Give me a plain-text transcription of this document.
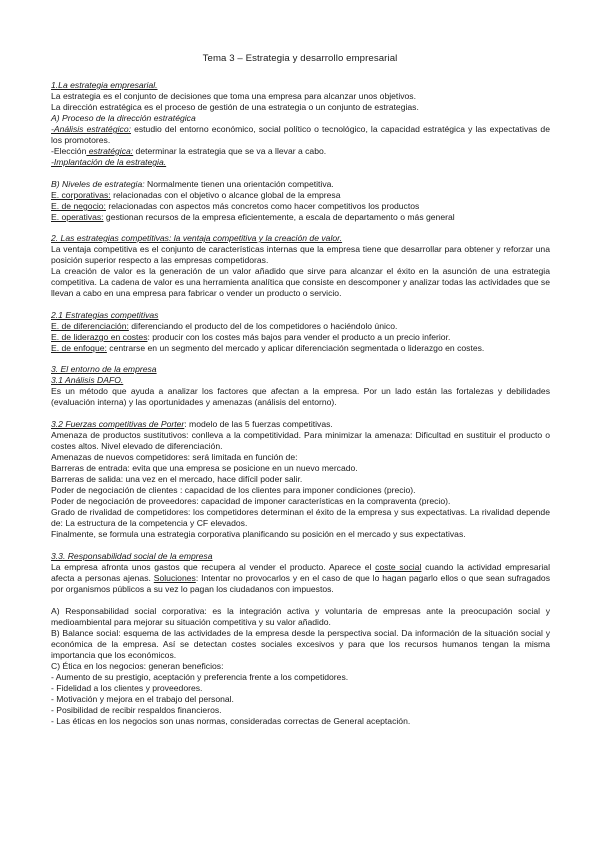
Tema 3 – Estrategia y desarrollo empresarial

1.La estrategia empresarial.

La estrategia es el conjunto de decisiones que toma una empresa para alcanzar unos objetivos.

La dirección estratégica es el proceso de gestión de una estrategia o un conjunto de estrategias.

A) Proceso de la dirección estratégica

-Análisis estratégico: estudio del entorno económico, social político o tecnológico, la capacidad estratégica y las expectativas de los promotores.

-Elección estratégica: determinar la estrategia que se va a llevar a cabo.

-Implantación de la estrategia.

B) Niveles de estrategia: Normalmente tienen una orientación competitiva.

E. corporativas: relacionadas con el objetivo o alcance global de la empresa

E. de negocio: relacionadas con aspectos más concretos como hacer competitivos los productos

E. operativas: gestionan recursos de la empresa eficientemente, a escala de departamento o más general

2. Las estrategias competitivas: la ventaja competitiva y la creación de valor.

La ventaja competitiva es el conjunto de características internas que la empresa tiene que desarrollar para obtener y reforzar una posición superior respecto a las empresas competidoras.

La creación de valor es la generación de un valor añadido que sirve para alcanzar el éxito en la asunción de una estrategia competitiva. La cadena de valor es una herramienta analítica que consiste en descomponer y analizar todas las actividades que se llevan a cabo en una empresa para fabricar o vender un producto o servicio.

2.1 Estrategias competitivas

E. de diferenciación: diferenciando el producto del de los competidores o haciéndolo único.

E. de liderazgo en costes: producir con los costes más bajos para vender el producto a un precio inferior.

E. de enfoque: centrarse en un segmento del mercado y aplicar diferenciación segmentada o liderazgo en costes.

3. El entorno de la empresa

3.1 Análisis DAFO.

Es un método que ayuda a analizar los factores que afectan a la empresa. Por un lado están las fortalezas y debilidades (evaluación interna) y las oportunidades y amenazas (análisis del entorno).

3.2 Fuerzas competitivas de Porter: modelo de las 5 fuerzas competitivas.

Amenaza de productos sustitutivos: conlleva a la competitividad. Para minimizar la amenaza: Dificultad en sustituir el producto o costes altos. Nivel elevado de diferenciación.

Amenazas de nuevos competidores: será limitada en función de:

Barreras de entrada: evita que una empresa se posicione en un nuevo mercado.

Barreras de salida: una vez en el mercado, hace difícil poder salir.

Poder de negociación de clientes : capacidad de los clientes para imponer condiciones (precio).

Poder de negociación de proveedores: capacidad de imponer características en la compraventa (precio).

Grado de rivalidad de competidores: los competidores determinan el éxito de la empresa y sus expectativas. La rivalidad depende de: La estructura de la competencia y CF elevados.

Finalmente, se formula una estrategia corporativa planificando su posición en el mercado y sus expectativas.

3.3. Responsabilidad social de la empresa

La empresa afronta unos gastos que recupera al vender el producto. Aparece el coste social cuando la actividad empresarial afecta a personas ajenas. Soluciones: Intentar no provocarlos y en el caso de que lo hagan pagarlo ellos o que sean sufragados por organismos públicos a su vez lo pagan los ciudadanos con impuestos.

A) Responsabilidad social corporativa: es la integración activa y voluntaria de empresas ante la preocupación social y medioambiental para mejorar su situación competitiva y su valor añadido.

B) Balance social: esquema de las actividades de la empresa desde la perspectiva social. Da información de la situación social y económica de la empresa. Así se detectan costes sociales excesivos y para que los recursos humanos tengan la misma importancia que los económicos.

C) Ética en los negocios: generan beneficios:

- Aumento de su prestigio, aceptación y preferencia frente a los competidores.

- Fidelidad a los clientes y proveedores.

- Motivación y mejora en el trabajo del personal.

- Posibilidad de recibir respaldos financieros.

- Las éticas en los negocios son unas normas, consideradas correctas de General aceptación.
